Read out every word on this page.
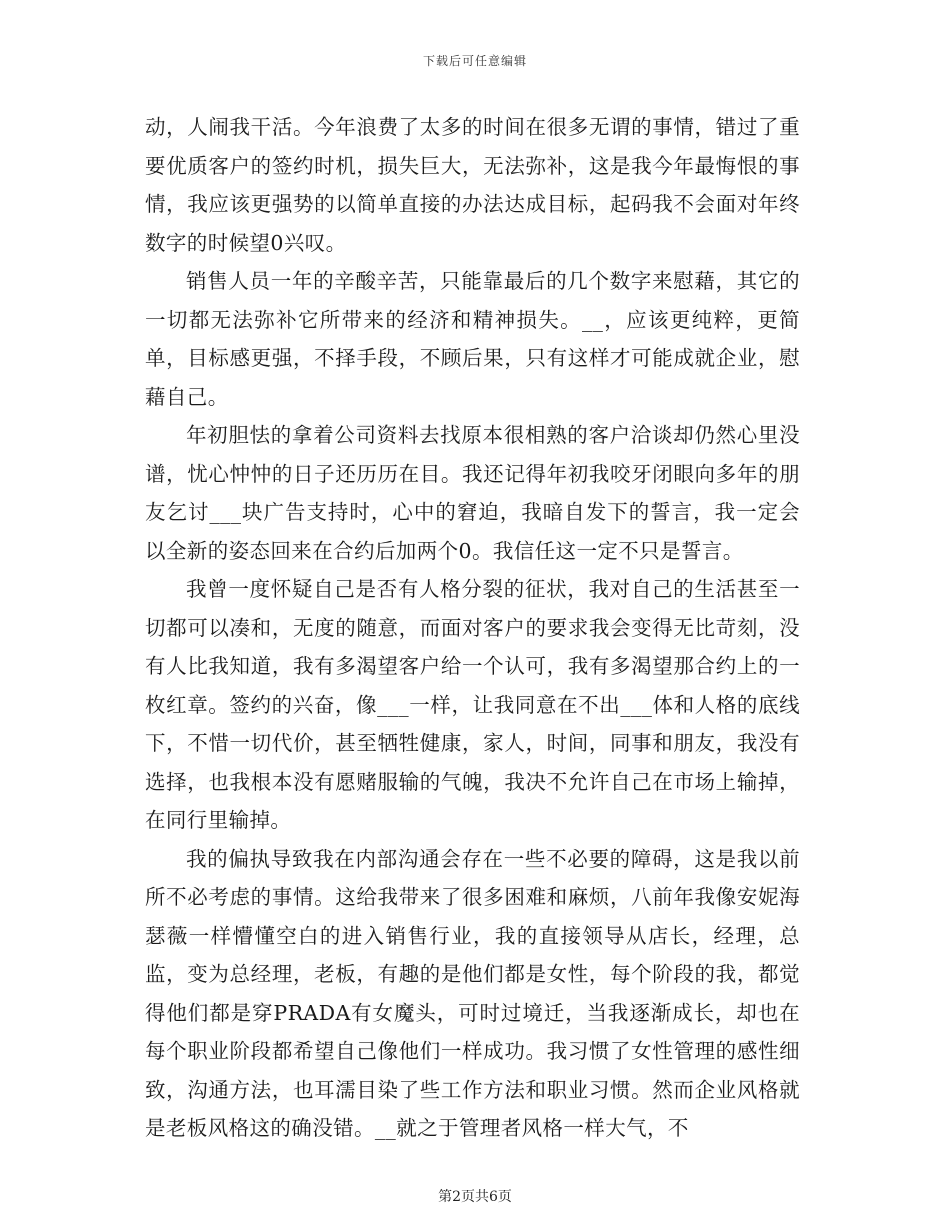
下载后可任意编辑

动，人闹我干活。今年浪费了太多的时间在很多无谓的事情，错过了重要优质客户的签约时机，损失巨大，无法弥补，这是我今年最悔恨的事情，我应该更强势的以简单直接的办法达成目标，起码我不会面对年终数字的时候望0兴叹。

销售人员一年的辛酸辛苦，只能靠最后的几个数字来慰藉，其它的一切都无法弥补它所带来的经济和精神损失。__，应该更纯粹，更简单，目标感更强，不择手段，不顾后果，只有这样才可能成就企业，慰藉自己。

年初胆怯的拿着公司资料去找原本很相熟的客户洽谈却仍然心里没谱，忧心忡忡的日子还历历在目。我还记得年初我咬牙闭眼向多年的朋友乞讨___块广告支持时，心中的窘迫，我暗自发下的誓言，我一定会以全新的姿态回来在合约后加两个0。我信任这一定不只是誓言。

我曾一度怀疑自己是否有人格分裂的征状，我对自己的生活甚至一切都可以凑和，无度的随意，而面对客户的要求我会变得无比苛刻，没有人比我知道，我有多渴望客户给一个认可，我有多渴望那合约上的一枚红章。签约的兴奋，像___一样，让我同意在不出___体和人格的底线下，不惜一切代价，甚至牺牲健康，家人，时间，同事和朋友，我没有选择，也我根本没有愿赌服输的气魄，我决不允许自己在市场上输掉，在同行里输掉。

我的偏执导致我在内部沟通会存在一些不必要的障碍，这是我以前所不必考虑的事情。这给我带来了很多困难和麻烦，八前年我像安妮海瑟薇一样懵懂空白的进入销售行业，我的直接领导从店长，经理，总监，变为总经理，老板，有趣的是他们都是女性，每个阶段的我，都觉得他们都是穿PRADA有女魔头，可时过境迁，当我逐渐成长，却也在每个职业阶段都希望自己像他们一样成功。我习惯了女性管理的感性细致，沟通方法，也耳濡目染了些工作方法和职业习惯。然而企业风格就是老板风格这的确没错。__就之于管理者风格一样大气，不

第2页共6页
